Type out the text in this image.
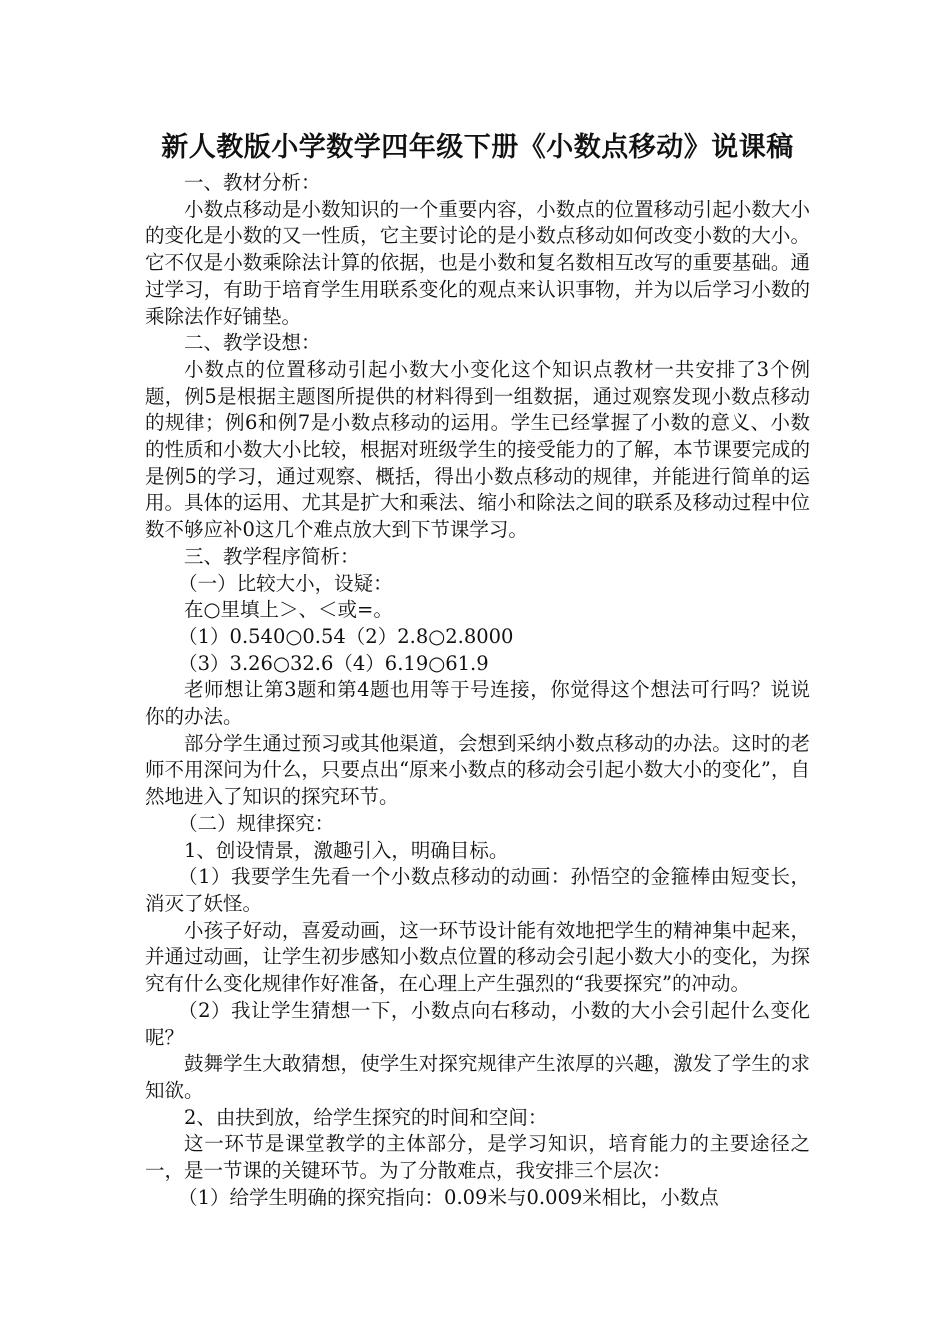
新人教版小学数学四年级下册《小数点移动》说课稿

一、教材分析：

小数点移动是小数知识的一个重要内容，小数点的位置移动引起小数大小的变化是小数的又一性质，它主要讨论的是小数点移动如何改变小数的大小。它不仅是小数乘除法计算的依据，也是小数和复名数相互改写的重要基础。通过学习，有助于培育学生用联系变化的观点来认识事物，并为以后学习小数的乘除法作好铺垫。

二、教学设想：

小数点的位置移动引起小数大小变化这个知识点教材一共安排了3个例题，例5是根据主题图所提供的材料得到一组数据，通过观察发现小数点移动的规律；例6和例7是小数点移动的运用。学生已经掌握了小数的意义、小数的性质和小数大小比较，根据对班级学生的接受能力的了解，本节课要完成的是例5的学习，通过观察、概括，得出小数点移动的规律，并能进行简单的运用。具体的运用、尤其是扩大和乘法、缩小和除法之间的联系及移动过程中位数不够应补0这几个难点放大到下节课学习。

三、教学程序简析：

（一）比较大小，设疑：

在○里填上＞、＜或=。

（1）0.540○0.54（2）2.8○2.8000

（3）3.26○32.6（4）6.19○61.9

老师想让第3题和第4题也用等于号连接，你觉得这个想法可行吗？说说你的办法。

部分学生通过预习或其他渠道，会想到采纳小数点移动的办法。这时的老师不用深问为什么，只要点出“原来小数点的移动会引起小数大小的变化”，自然地进入了知识的探究环节。

（二）规律探究：

1、创设情景，激趣引入，明确目标。

（1）我要学生先看一个小数点移动的动画：孙悟空的金箍棒由短变长，消灭了妖怪。

小孩子好动，喜爱动画，这一环节设计能有效地把学生的精神集中起来，并通过动画，让学生初步感知小数点位置的移动会引起小数大小的变化，为探究有什么变化规律作好准备，在心理上产生强烈的“我要探究”的冲动。

（2）我让学生猜想一下，小数点向右移动，小数的大小会引起什么变化呢？

鼓舞学生大敢猜想，使学生对探究规律产生浓厚的兴趣，激发了学生的求知欲。

2、由扶到放，给学生探究的时间和空间：

这一环节是课堂教学的主体部分，是学习知识，培育能力的主要途径之一，是一节课的关键环节。为了分散难点，我安排三个层次：

（1）给学生明确的探究指向：0.09米与0.009米相比，小数点
